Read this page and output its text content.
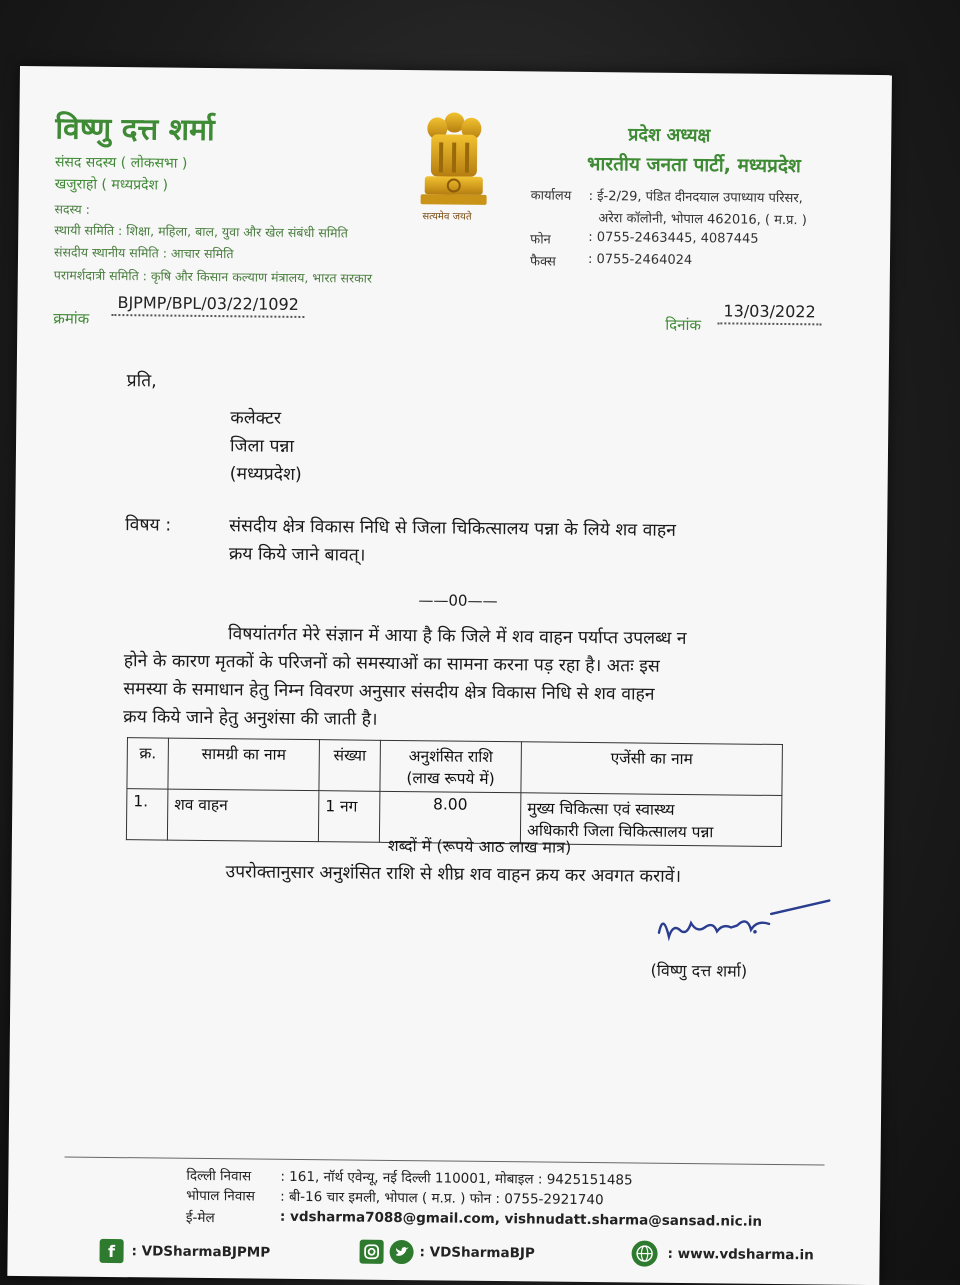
विष्णु दत्त शर्मा
संसद सदस्य ( लोकसभा )
खजुराहो ( मध्यप्रदेश )
सदस्य :
स्थायी समिति : शिक्षा, महिला, बाल, युवा और खेल संबंधी समिति
संसदीय स्थानीय समिति : आचार समिति
परामर्शदात्री समिति : कृषि और किसान कल्याण मंत्रालय, भारत सरकार
सत्यमेव जयते
प्रदेश अध्यक्ष
भारतीय जनता पार्टी, मध्यप्रदेश
कार्यालय : ई-2/29, पंडित दीनदयाल उपाध्याय परिसर,
अरेरा कॉलोनी, भोपाल 462016, ( म.प्र. )
फोन	: 0755-2463445, 4087445
फैक्स : 0755-2464024
क्रमांक
BJPMP/BPL/03/22/1092
दिनांक
13/03/2022
प्रति,
कलेक्टर
जिला पन्ना
(मध्यप्रदेश)
विषय :	संसदीय क्षेत्र विकास निधि से जिला चिकित्सालय पन्ना के लिये शव वाहन
क्रय किये जाने बावत्।
——00——
विषयांतर्गत मेरे संज्ञान में आया है कि जिले में शव वाहन पर्याप्त उपलब्ध न
होने के कारण मृतकों के परिजनों को समस्याओं का सामना करना पड़ रहा है। अतः इस
समस्या के समाधान हेतु निम्न विवरण अनुसार संसदीय क्षेत्र विकास निधि से शव वाहन
क्रय किये जाने हेतु अनुशंसा की जाती है।
क्र.	सामग्री का नाम	संख्या	अनुशंसित राशि
(लाख रूपये में)	एजेंसी का नाम
1.	शव वाहन	1 नग	8.00	मुख्य चिकित्सा एवं स्वास्थ्य
अधिकारी जिला चिकित्सालय पन्ना
शब्दों में (रूपये आठ लाख मात्र)
उपरोक्तानुसार अनुशंसित राशि से शीघ्र शव वाहन क्रय कर अवगत करावें।
(विष्णु दत्त शर्मा)
दिल्ली निवास : 161, नॉर्थ एवेन्यू, नई दिल्ली 110001, मोबाइल : 9425151485
भोपाल निवास : बी-16 चार इमली, भोपाल ( म.प्र. ) फोन : 0755-2921740
ई-मेल	: vdsharma7088@gmail.com, vishnudatt.sharma@sansad.nic.in
f	: VDSharmaBJPMP	: VDSharmaBJP	: www.vdsharma.in
